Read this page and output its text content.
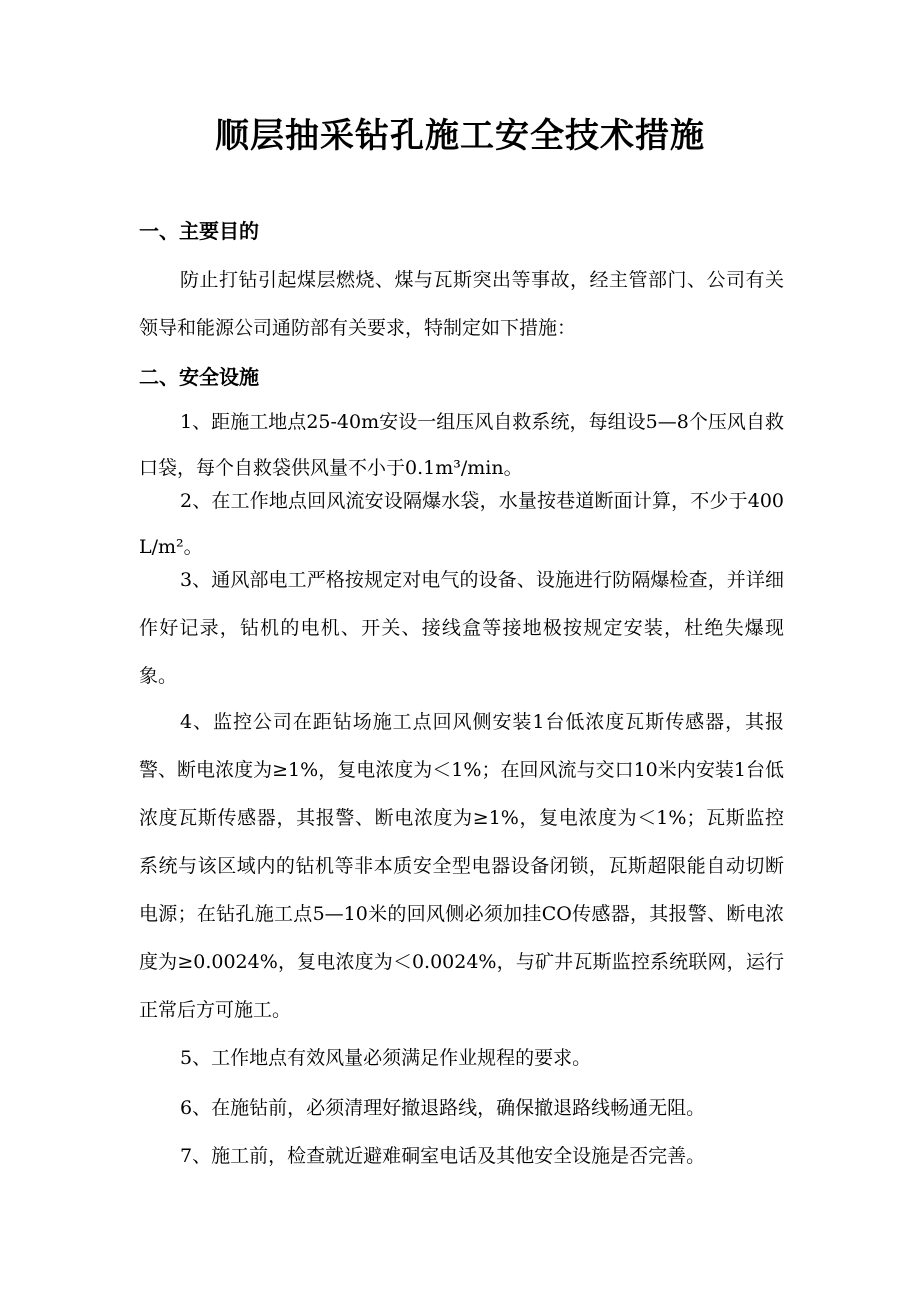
顺层抽采钻孔施工安全技术措施
一、主要目的

防止打钻引起煤层燃烧、煤与瓦斯突出等事故，经主管部门、公司有关领导和能源公司通防部有关要求，特制定如下措施：

二、安全设施

1、距施工地点25-40m安设一组压风自救系统，每组设5—8个压风自救口袋，每个自救袋供风量不小于0.1m³/min。

2、在工作地点回风流安设隔爆水袋，水量按巷道断面计算，不少于400L/m²。

3、通风部电工严格按规定对电气的设备、设施进行防隔爆检查，并详细作好记录，钻机的电机、开关、接线盒等接地极按规定安装，杜绝失爆现象。

4、监控公司在距钻场施工点回风侧安装1台低浓度瓦斯传感器，其报警、断电浓度为≥1%，复电浓度为＜1%；在回风流与交口10米内安装1台低浓度瓦斯传感器，其报警、断电浓度为≥1%，复电浓度为＜1%；瓦斯监控系统与该区域内的钻机等非本质安全型电器设备闭锁，瓦斯超限能自动切断电源；在钻孔施工点5—10米的回风侧必须加挂CO传感器，其报警、断电浓度为≥0.0024%，复电浓度为＜0.0024%，与矿井瓦斯监控系统联网，运行正常后方可施工。

5、工作地点有效风量必须满足作业规程的要求。

6、在施钻前，必须清理好撤退路线，确保撤退路线畅通无阻。

7、施工前，检查就近避难硐室电话及其他安全设施是否完善。
